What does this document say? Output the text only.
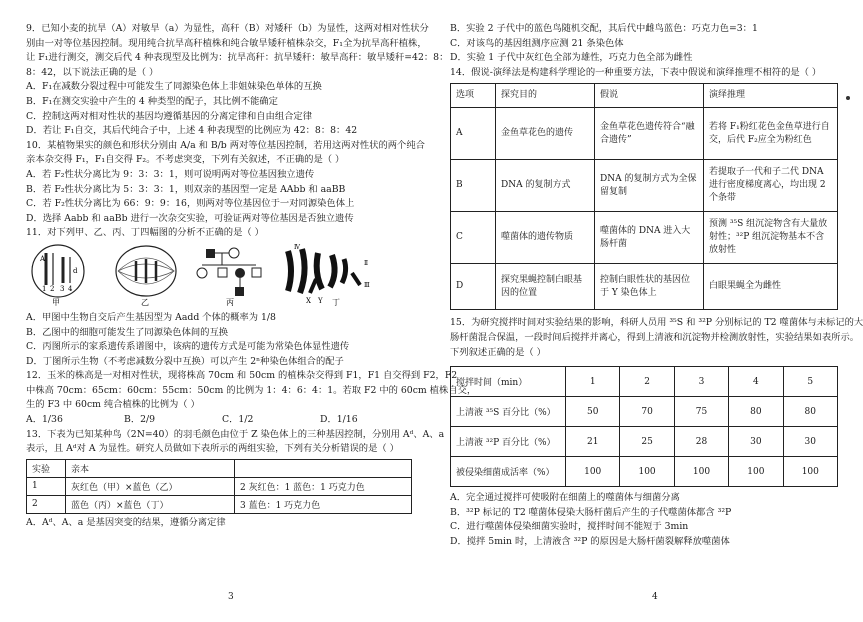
9．已知小麦的抗旱（A）对敏旱（a）为显性，高秆（B）对矮秆（b）为显性，这两对相对性状分
别由一对等位基因控制。现用纯合抗旱高秆植株和纯合敏旱矮秆植株杂交，F₁全为抗旱高秆植株，
让 F₁进行测交，测交后代 4 种表现型及比例为：抗旱高秆：抗旱矮秆：敏旱高秆：敏旱矮秆=42：8：
8：42，以下说法正确的是（ ）
A．F₁在减数分裂过程中可能发生了同源染色体上非姐妹染色单体的互换
B．F₁在测交实验中产生的 4 种类型的配子，其比例不能确定
C．控制这两对相对性状的基因均遵循基因的分离定律和自由组合定律
D．若让 F₁自交，其后代纯合子中，上述 4 种表现型的比例应为 42：8：8：42
10．某植物果实的颜色和形状分别由 A/a 和 B/b 两对等位基因控制，若用这两对性状的两个纯合
亲本杂交得 F₁，F₁自交得 F₂。不考虑突变，下列有关叙述，不正确的是（ ）
A．若 F₂性状分离比为 9：3：3：1，则可说明两对等位基因独立遗传
B．若 F₂性状分离比为 5：3：3：1，则双亲的基因型一定是 AAbb 和 aaBB
C．若 F₂性状分离比为 66：9：9：16，则两对等位基因位于一对同源染色体上
D．选择 Aabb 和 aaBb 进行一次杂交实验，可验证两对等位基因是否独立遗传
11．对下列甲、乙、丙、丁四幅图的分析不正确的是（ ）
A
1 2 3 4
d
甲	乙	丙	丁
X Y
Ⅳ
Ⅱ
Ⅲ
A．甲图中生物自交后产生基因型为 Aadd 个体的概率为 1/8
B．乙图中的细胞可能发生了同源染色体间的互换
C．丙图所示的家系遗传系谱图中，该病的遗传方式是可能为常染色体显性遗传
D．丁图所示生物（不考虑减数分裂中互换）可以产生 2ⁿ种染色体组合的配子
12．玉米的株高是一对相对性状，现将株高 70cm 和 50cm 的植株杂交得到 F1，F1 自交得到 F2，F2
中株高 70cm：65cm：60cm：55cm：50cm 的比例为 1：4：6：4：1。若取 F2 中的 60cm 植株自交，
生的 F3 中 60cm 纯合植株的比例为（ ）
A．1/36	B．2/9	C．1/2	D．1/16
13．下表为已知某种鸟（2N=40）的羽毛颜色由位于 Z 染色体上的三种基因控制，分别用 Aᵈ、A、a
表示，且 Aᵈ对 A 为显性。研究人员做如下表所示的两组实验，下列有关分析错误的是（ ）
实验	亲本	
1	灰红色（甲）×蓝色（乙）	2 灰红色：1 蓝色：1 巧克力色
2	蓝色（丙）×蓝色（丁）	3 蓝色：1 巧克力色
A．Aᵈ、A、a 是基因突变的结果，遵循分离定律
3
B．实验 2 子代中的蓝色鸟随机交配，其后代中雌鸟蓝色：巧克力色=3：1
C．对该鸟的基因组测序应测 21 条染色体
D．实验 1 子代中灰红色全部为雄性，巧克力色全部为雌性
14．假说-演绎法是构建科学理论的一种重要方法，下表中假说和演绎推理不相符的是（ ）
选项	探究目的	假说	演绎推理
A	金鱼草花色的遗传	金鱼草花色遗传符合“融合遗传”	若将 F₁粉红花色金鱼草进行自交，后代 F₂应全为粉红色
B	DNA 的复制方式	DNA 的复制方式为全保留复制	若提取子一代和子二代 DNA 进行密度梯度离心，均出现 2 个条带
C	噬菌体的遗传物质	噬菌体的 DNA 进入大肠杆菌	预测 ³⁵S 组沉淀物含有大量放射性；³²P 组沉淀物基本不含放射性
D	探究果蝇控制白眼基因的位置	控制白眼性状的基因位于 Y 染色体上	白眼果蝇全为雌性
15．为研究搅拌时间对实验结果的影响，科研人员用 ³⁵S 和 ³²P 分别标记的 T2 噬菌体与未标记的大
肠杆菌混合保温，一段时间后搅拌并离心，得到上清液和沉淀物并检测放射性，实验结果如表所示。
下列叙述正确的是（ ）
搅拌时间（min）	1	2	3	4	5
上清液 ³⁵S 百分比（%）	50	70	75	80	80
上清液 ³²P 百分比（%）	21	25	28	30	30
被侵染细菌成活率（%）	100	100	100	100	100
A．完全通过搅拌可使吸附在细菌上的噬菌体与细菌分离
B．³²P 标记的 T2 噬菌体侵染大肠杆菌后产生的子代噬菌体都含 ³²P
C．进行噬菌体侵染细菌实验时，搅拌时间不能短于 3min
D．搅拌 5min 时，上清液含 ³²P 的原因是大肠杆菌裂解释放噬菌体
4
